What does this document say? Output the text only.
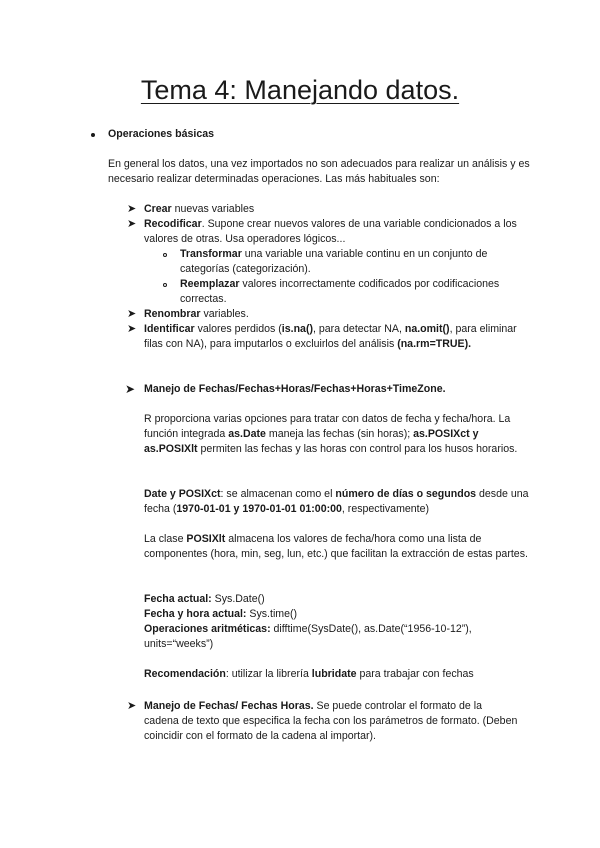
Tema 4: Manejando datos.
Operaciones básicas
En general los datos, una vez importados no son adecuados para realizar un análisis y es necesario realizar determinadas operaciones. Las más habituales son:
➤ Crear nuevas variables
➤ Recodificar. Supone crear nuevos valores de una variable condicionados a los valores de otras. Usa operadores lógicos...
Transformar una variable una variable continu en un conjunto de categorías (categorización).
Reemplazar valores incorrectamente codificados por codificaciones correctas.
➤ Renombrar variables.
➤ Identificar valores perdidos (is.na(), para detectar NA, na.omit(), para eliminar filas con NA), para imputarlos o excluirlos del análisis (na.rm=TRUE).
➤ Manejo de Fechas/Fechas+Horas/Fechas+Horas+TimeZone.
R proporciona varias opciones para tratar con datos de fecha y fecha/hora. La función integrada as.Date maneja las fechas (sin horas); as.POSIXct y as.POSIXlt permiten las fechas y las horas con control para los husos horarios.
Date y POSIXct: se almacenan como el número de días o segundos desde una fecha (1970-01-01 y 1970-01-01 01:00:00, respectivamente)
La clase POSIXlt almacena los valores de fecha/hora como una lista de componentes (hora, min, seg, lun, etc.) que facilitan la extracción de estas partes.
Fecha actual: Sys.Date()
Fecha y hora actual: Sys.time()
Operaciones aritméticas: difftime(SysDate(), as.Date(“1956-10-12”), units=“weeks”)
Recomendación: utilizar la librería lubridate para trabajar con fechas
➤ Manejo de Fechas/ Fechas Horas. Se puede controlar el formato de la cadena de texto que especifica la fecha con los parámetros de formato. (Deben coincidir con el formato de la cadena al importar).
